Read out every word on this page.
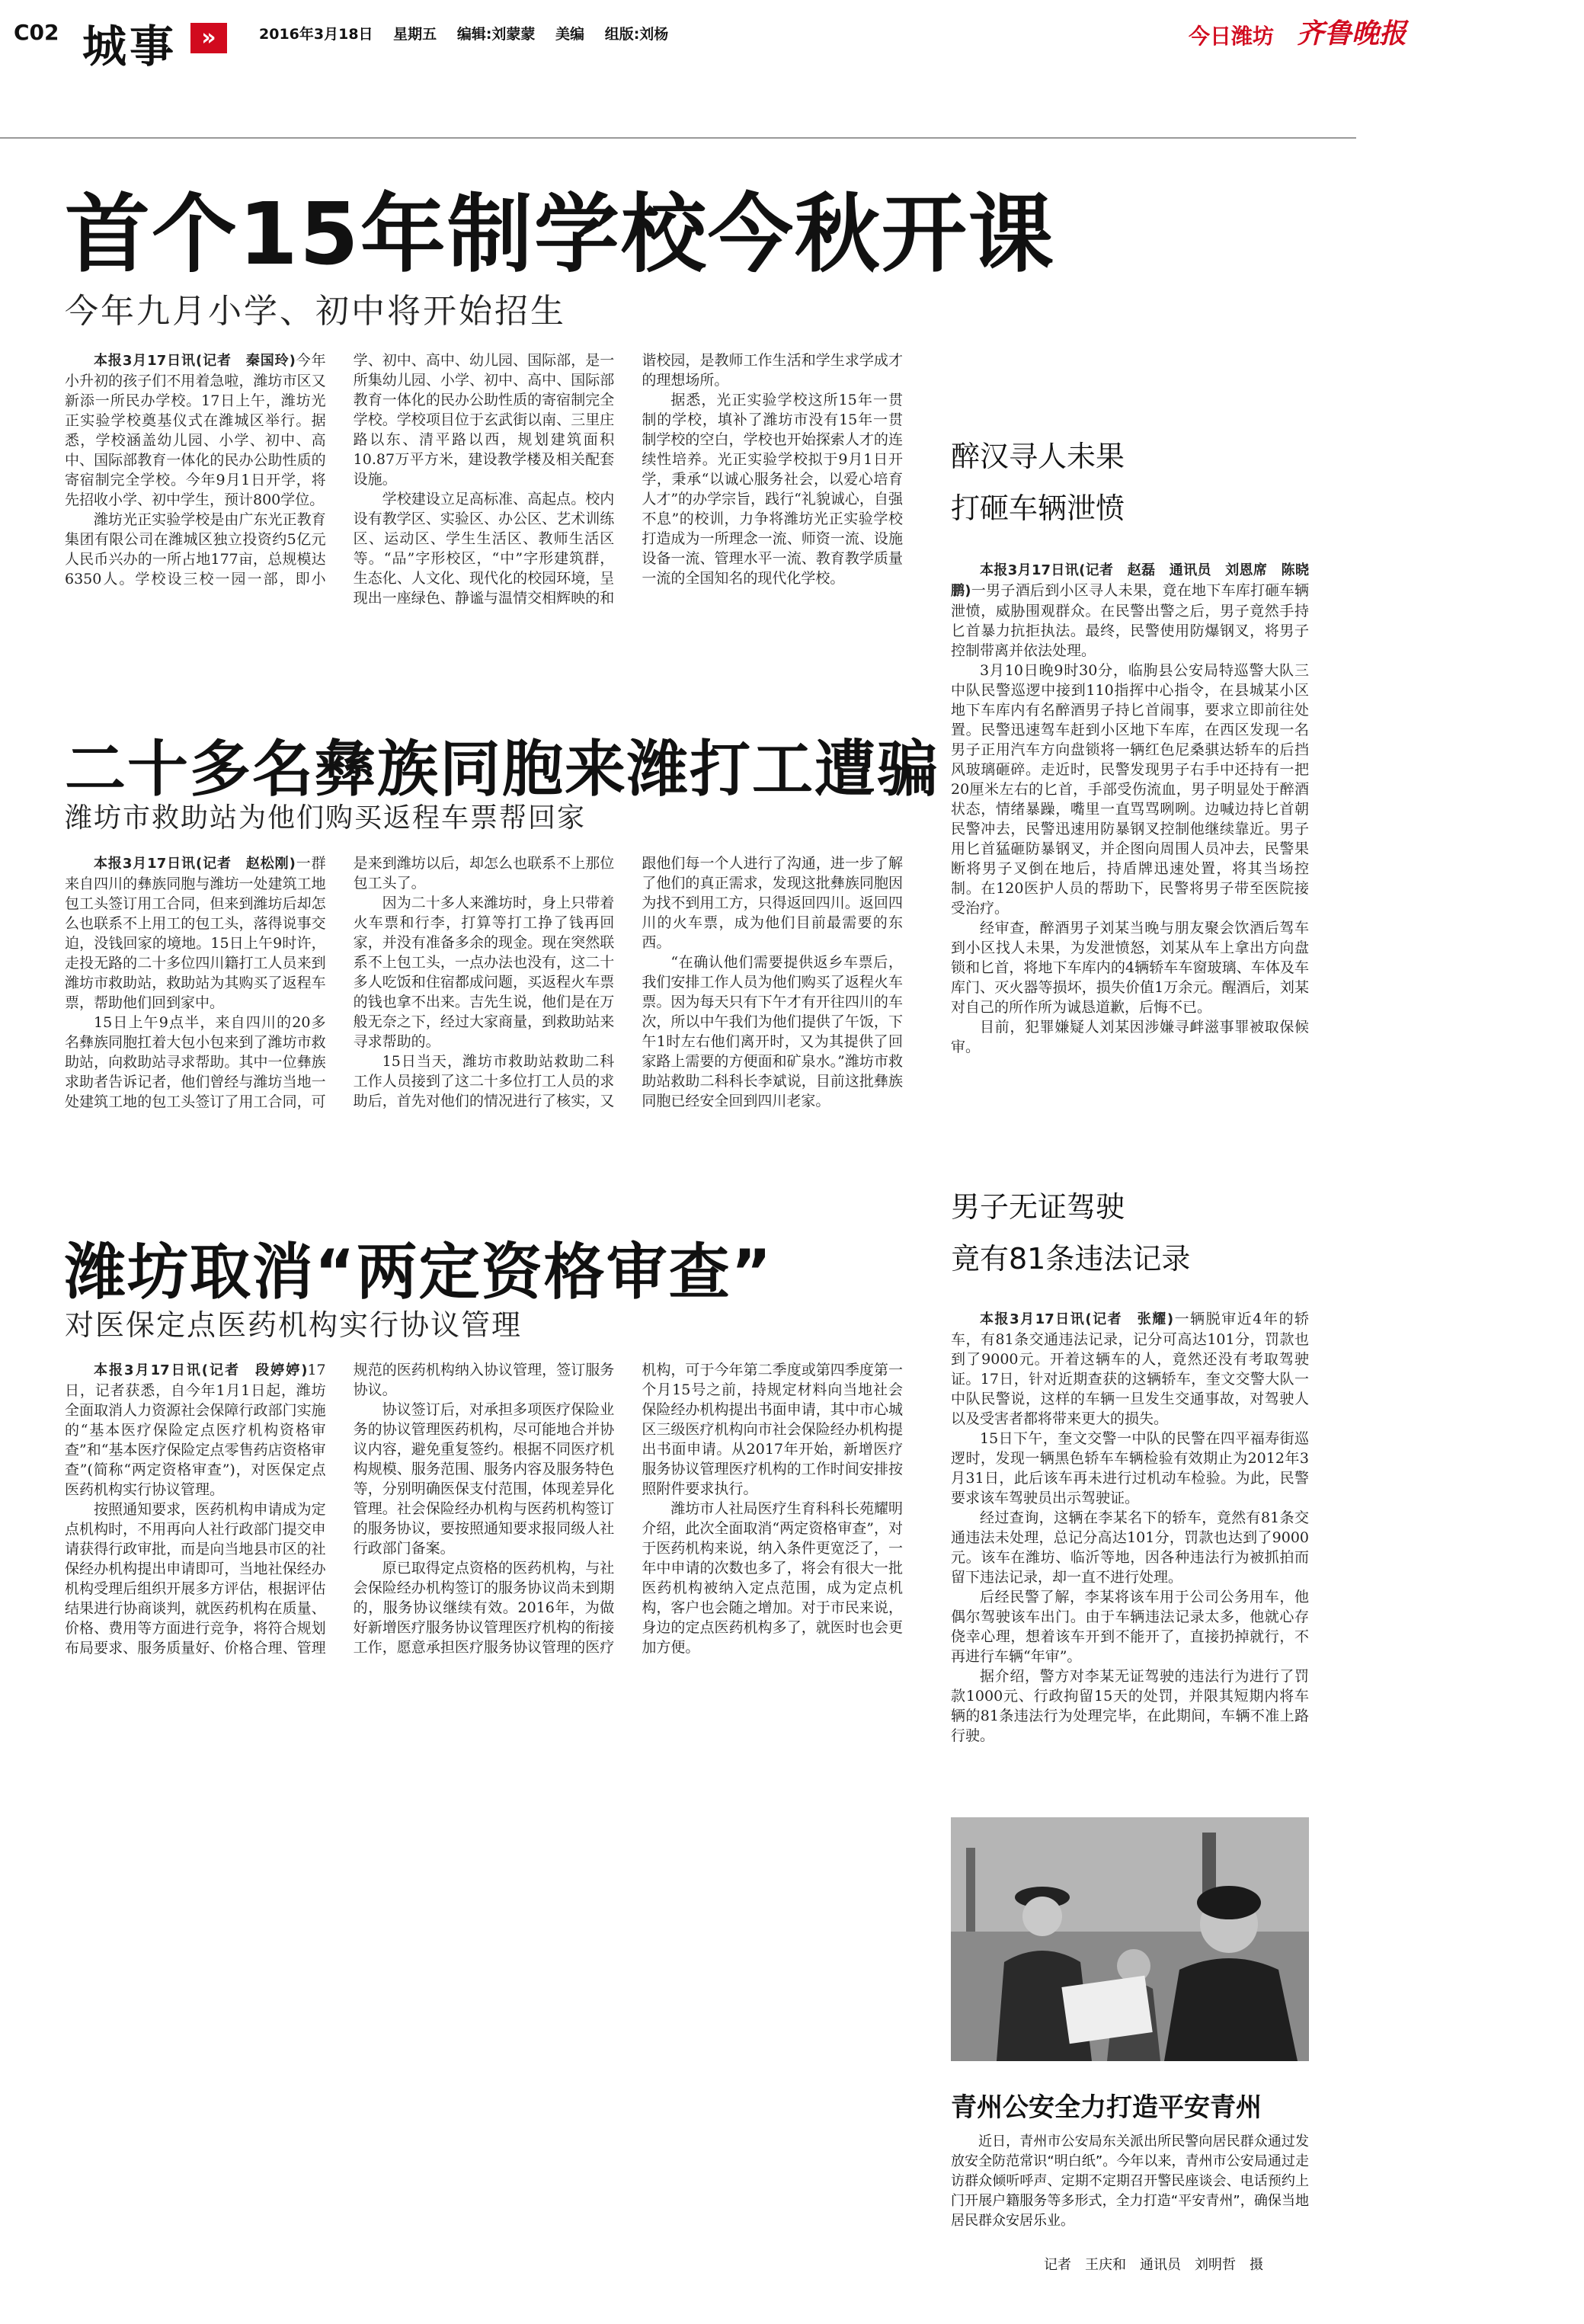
C02 城事	»	2016年3月18日 星期五 编辑:刘蒙蒙 美编 组版:刘杨	今日潍坊 齐鲁晚报
首个15年制学校今秋开课
今年九月小学、初中将开始招生

本报3月17日讯(记者　秦国玲)今年小升初的孩子们不用着急啦，潍坊市区又新添一所民办学校。17日上午，潍坊光正实验学校奠基仪式在潍城区举行。据悉，学校涵盖幼儿园、小学、初中、高中、国际部教育一体化的民办公助性质的寄宿制完全学校。今年9月1日开学，将先招收小学、初中学生，预计800学位。

潍坊光正实验学校是由广东光正教育集团有限公司在潍城区独立投资约5亿元人民币兴办的一所占地177亩，总规模达6350人。学校设三校一园一部，即小学、初中、高中、幼儿园、国际部，是一所集幼儿园、小学、初中、高中、国际部教育一体化的民办公助性质的寄宿制完全学校。学校项目位于玄武街以南、三里庄路以东、清平路以西，规划建筑面积10.87万平方米，建设教学楼及相关配套设施。

学校建设立足高标准、高起点。校内设有教学区、实验区、办公区、艺术训练区、运动区、学生生活区、教师生活区等。“品”字形校区，“中”字形建筑群，生态化、人文化、现代化的校园环境，呈现出一座绿色、静谧与温情交相辉映的和谐校园，是教师工作生活和学生求学成才的理想场所。

据悉，光正实验学校这所15年一贯制的学校，填补了潍坊市没有15年一贯制学校的空白，学校也开始探索人才的连续性培养。光正实验学校拟于9月1日开学，秉承“以诚心服务社会，以爱心培育人才”的办学宗旨，践行“礼貌诚心，自强不息”的校训，力争将潍坊光正实验学校打造成为一所理念一流、师资一流、设施设备一流、管理水平一流、教育教学质量一流的全国知名的现代化学校。

二十多名彝族同胞来潍打工遭骗
潍坊市救助站为他们购买返程车票帮回家

本报3月17日讯(记者　赵松刚)一群来自四川的彝族同胞与潍坊一处建筑工地包工头签订用工合同，但来到潍坊后却怎么也联系不上用工的包工头，落得说事交迫，没钱回家的境地。15日上午9时许，走投无路的二十多位四川籍打工人员来到潍坊市救助站，救助站为其购买了返程车票，帮助他们回到家中。

15日上午9点半，来自四川的20多名彝族同胞扛着大包小包来到了潍坊市救助站，向救助站寻求帮助。其中一位彝族求助者告诉记者，他们曾经与潍坊当地一处建筑工地的包工头签订了用工合同，可是来到潍坊以后，却怎么也联系不上那位包工头了。

因为二十多人来潍坊时，身上只带着火车票和行李，打算等打工挣了钱再回家，并没有准备多余的现金。现在突然联系不上包工头，一点办法也没有，这二十多人吃饭和住宿都成问题，买返程火车票的钱也拿不出来。吉先生说，他们是在万般无奈之下，经过大家商量，到救助站来寻求帮助的。

15日当天，潍坊市救助站救助二科工作人员接到了这二十多位打工人员的求助后，首先对他们的情况进行了核实，又跟他们每一个人进行了沟通，进一步了解了他们的真正需求，发现这批彝族同胞因为找不到用工方，只得返回四川。返回四川的火车票，成为他们目前最需要的东西。

“在确认他们需要提供返乡车票后，我们安排工作人员为他们购买了返程火车票。因为每天只有下午才有开往四川的车次，所以中午我们为他们提供了午饭，下午1时左右他们离开时，又为其提供了回家路上需要的方便面和矿泉水。”潍坊市救助站救助二科科长李斌说，目前这批彝族同胞已经安全回到四川老家。

潍坊取消“两定资格审查”
对医保定点医药机构实行协议管理

本报3月17日讯(记者　段婷婷)17日，记者获悉，自今年1月1日起，潍坊全面取消人力资源社会保障行政部门实施的“基本医疗保险定点医疗机构资格审查”和“基本医疗保险定点零售药店资格审查”(简称“两定资格审查”)，对医保定点医药机构实行协议管理。

按照通知要求，医药机构申请成为定点机构时，不用再向人社行政部门提交申请获得行政审批，而是向当地县市区的社保经办机构提出申请即可，当地社保经办机构受理后组织开展多方评估，根据评估结果进行协商谈判，就医药机构在质量、价格、费用等方面进行竞争，将符合规划布局要求、服务质量好、价格合理、管理规范的医药机构纳入协议管理，签订服务协议。

协议签订后，对承担多项医疗保险业务的协议管理医药机构，尽可能地合并协议内容，避免重复签约。根据不同医疗机构规模、服务范围、服务内容及服务特色等，分别明确医保支付范围，体现差异化管理。社会保险经办机构与医药机构签订的服务协议，要按照通知要求报同级人社行政部门备案。

原已取得定点资格的医药机构，与社会保险经办机构签订的服务协议尚未到期的，服务协议继续有效。2016年，为做好新增医疗服务协议管理医疗机构的衔接工作，愿意承担医疗服务协议管理的医疗机构，可于今年第二季度或第四季度第一个月15号之前，持规定材料向当地社会保险经办机构提出书面申请，其中市心城区三级医疗机构向市社会保险经办机构提出书面申请。从2017年开始，新增医疗服务协议管理医疗机构的工作时间安排按照附件要求执行。

潍坊市人社局医疗生育科科长苑耀明介绍，此次全面取消“两定资格审查”，对于医药机构来说，纳入条件更宽泛了，一年中申请的次数也多了，将会有很大一批医药机构被纳入定点范围，成为定点机构，客户也会随之增加。对于市民来说，身边的定点医药机构多了，就医时也会更加方便。

醉汉寻人未果
打砸车辆泄愤

本报3月17日讯(记者　赵磊　通讯员　刘恩席　陈晓鹏)一男子酒后到小区寻人未果，竟在地下车库打砸车辆泄愤，威胁围观群众。在民警出警之后，男子竟然手持匕首暴力抗拒执法。最终，民警使用防爆钢叉，将男子控制带离并依法处理。

3月10日晚9时30分，临朐县公安局特巡警大队三中队民警巡逻中接到110指挥中心指令，在县城某小区地下车库内有名醉酒男子持匕首闹事，要求立即前往处置。民警迅速驾车赶到小区地下车库，在西区发现一名男子正用汽车方向盘锁将一辆红色尼桑骐达轿车的后挡风玻璃砸碎。走近时，民警发现男子右手中还持有一把20厘米左右的匕首，手部受伤流血，男子明显处于醉酒状态，情绪暴躁，嘴里一直骂骂咧咧。边喊边持匕首朝民警冲去，民警迅速用防暴钢叉控制他继续靠近。男子用匕首猛砸防暴钢叉，并企图向周围人员冲去，民警果断将男子叉倒在地后，持盾牌迅速处置，将其当场控制。在120医护人员的帮助下，民警将男子带至医院接受治疗。

经审查，醉酒男子刘某当晚与朋友聚会饮酒后驾车到小区找人未果，为发泄愤怒，刘某从车上拿出方向盘锁和匕首，将地下车库内的4辆轿车车窗玻璃、车体及车库门、灭火器等损坏，损失价值1万余元。醒酒后，刘某对自己的所作所为诚恳道歉，后悔不已。

目前，犯罪嫌疑人刘某因涉嫌寻衅滋事罪被取保候审。

男子无证驾驶
竟有81条违法记录

本报3月17日讯(记者　张耀)一辆脱审近4年的轿车，有81条交通违法记录，记分可高达101分，罚款也到了9000元。开着这辆车的人，竟然还没有考取驾驶证。17日，针对近期查获的这辆轿车，奎文交警大队一中队民警说，这样的车辆一旦发生交通事故，对驾驶人以及受害者都将带来更大的损失。

15日下午，奎文交警一中队的民警在四平福寿街巡逻时，发现一辆黑色轿车车辆检验有效期止为2012年3月31日，此后该车再未进行过机动车检验。为此，民警要求该车驾驶员出示驾驶证。

经过查询，这辆在李某名下的轿车，竟然有81条交通违法未处理，总记分高达101分，罚款也达到了9000元。该车在潍坊、临沂等地，因各种违法行为被抓拍而留下违法记录，却一直不进行处理。

后经民警了解，李某将该车用于公司公务用车，他偶尔驾驶该车出门。由于车辆违法记录太多，他就心存侥幸心理，想着该车开到不能开了，直接扔掉就行，不再进行车辆“年审”。

据介绍，警方对李某无证驾驶的违法行为进行了罚款1000元、行政拘留15天的处罚，并限其短期内将车辆的81条违法行为处理完毕，在此期间，车辆不准上路行驶。

青州公安全力打造平安青州
近日，青州市公安局东关派出所民警向居民群众通过发放安全防范常识“明白纸”。今年以来，青州市公安局通过走访群众倾听呼声、定期不定期召开警民座谈会、电话预约上门开展户籍服务等多形式，全力打造“平安青州”，确保当地居民群众安居乐业。
记者　王庆和　通讯员　刘明哲　摄
